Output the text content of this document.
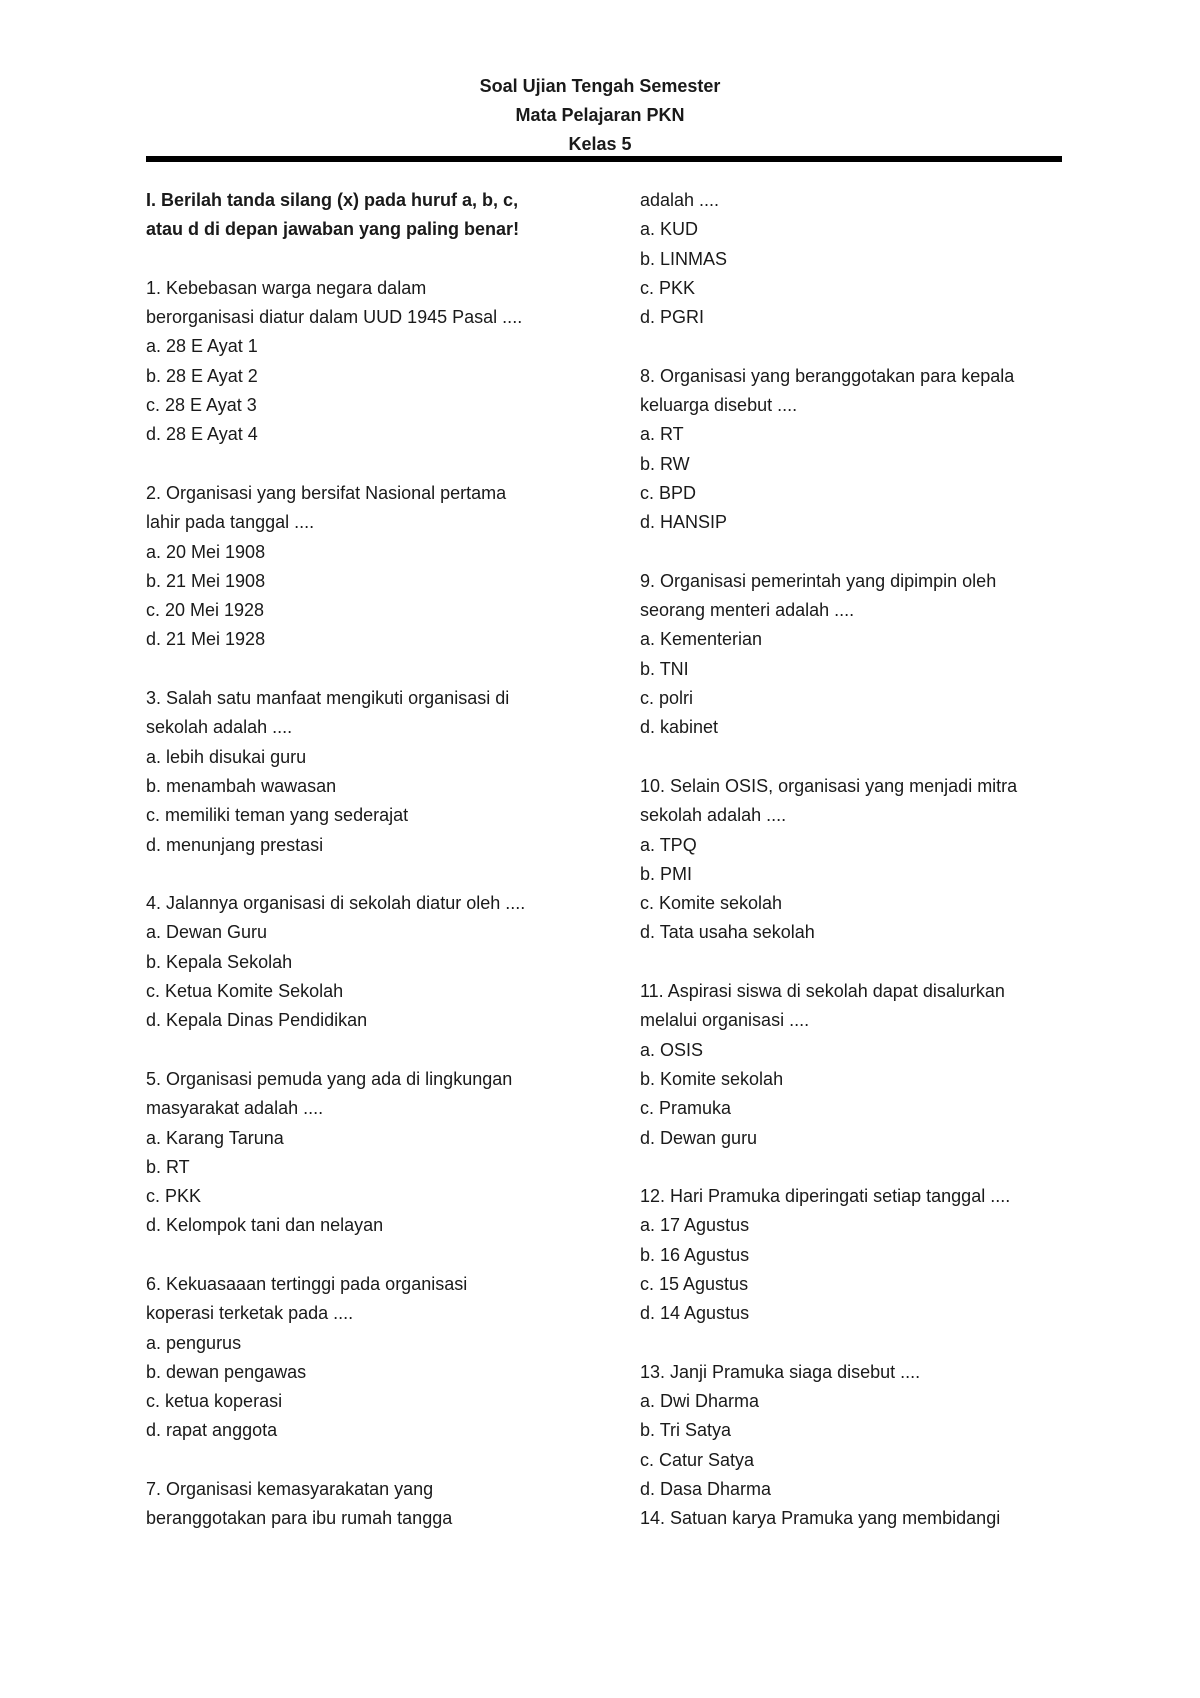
Soal Ujian Tengah Semester
Mata Pelajaran PKN
Kelas 5
I. Berilah tanda silang (x) pada huruf a, b, c,
atau d di depan jawaban yang paling benar!
1. Kebebasan warga negara dalam
berorganisasi diatur dalam UUD 1945 Pasal ....
a. 28 E Ayat 1
b. 28 E Ayat 2
c. 28 E Ayat 3
d. 28 E Ayat 4
2. Organisasi yang bersifat Nasional pertama
lahir pada tanggal ....
a. 20 Mei 1908
b. 21 Mei 1908
c. 20 Mei 1928
d. 21 Mei 1928
3. Salah satu manfaat mengikuti organisasi di
sekolah adalah ....
a. lebih disukai guru
b. menambah wawasan
c. memiliki teman yang sederajat
d. menunjang prestasi
4. Jalannya organisasi di sekolah diatur oleh ....
a. Dewan Guru
b. Kepala Sekolah
c. Ketua Komite Sekolah
d. Kepala Dinas Pendidikan
5. Organisasi pemuda yang ada di lingkungan
masyarakat adalah ....
a. Karang Taruna
b. RT
c. PKK
d. Kelompok tani dan nelayan
6. Kekuasaaan tertinggi pada organisasi
koperasi terketak pada ....
a. pengurus
b. dewan pengawas
c. ketua koperasi
d. rapat anggota
7. Organisasi kemasyarakatan yang
beranggotakan para ibu rumah tangga
adalah ....
a. KUD
b. LINMAS
c. PKK
d. PGRI
8. Organisasi yang beranggotakan para kepala
keluarga disebut ....
a. RT
b. RW
c. BPD
d. HANSIP
9. Organisasi pemerintah yang dipimpin oleh
seorang menteri adalah ....
a. Kementerian
b. TNI
c. polri
d. kabinet
10. Selain OSIS, organisasi yang menjadi mitra
sekolah adalah ....
a. TPQ
b. PMI
c. Komite sekolah
d. Tata usaha sekolah
11. Aspirasi siswa di sekolah dapat disalurkan
melalui organisasi ....
a. OSIS
b. Komite sekolah
c. Pramuka
d. Dewan guru
12. Hari Pramuka diperingati setiap tanggal ....
a. 17 Agustus
b. 16 Agustus
c. 15 Agustus
d. 14 Agustus
13. Janji Pramuka siaga disebut ....
a. Dwi Dharma
b. Tri Satya
c. Catur Satya
d. Dasa Dharma
14. Satuan karya Pramuka yang membidangi
